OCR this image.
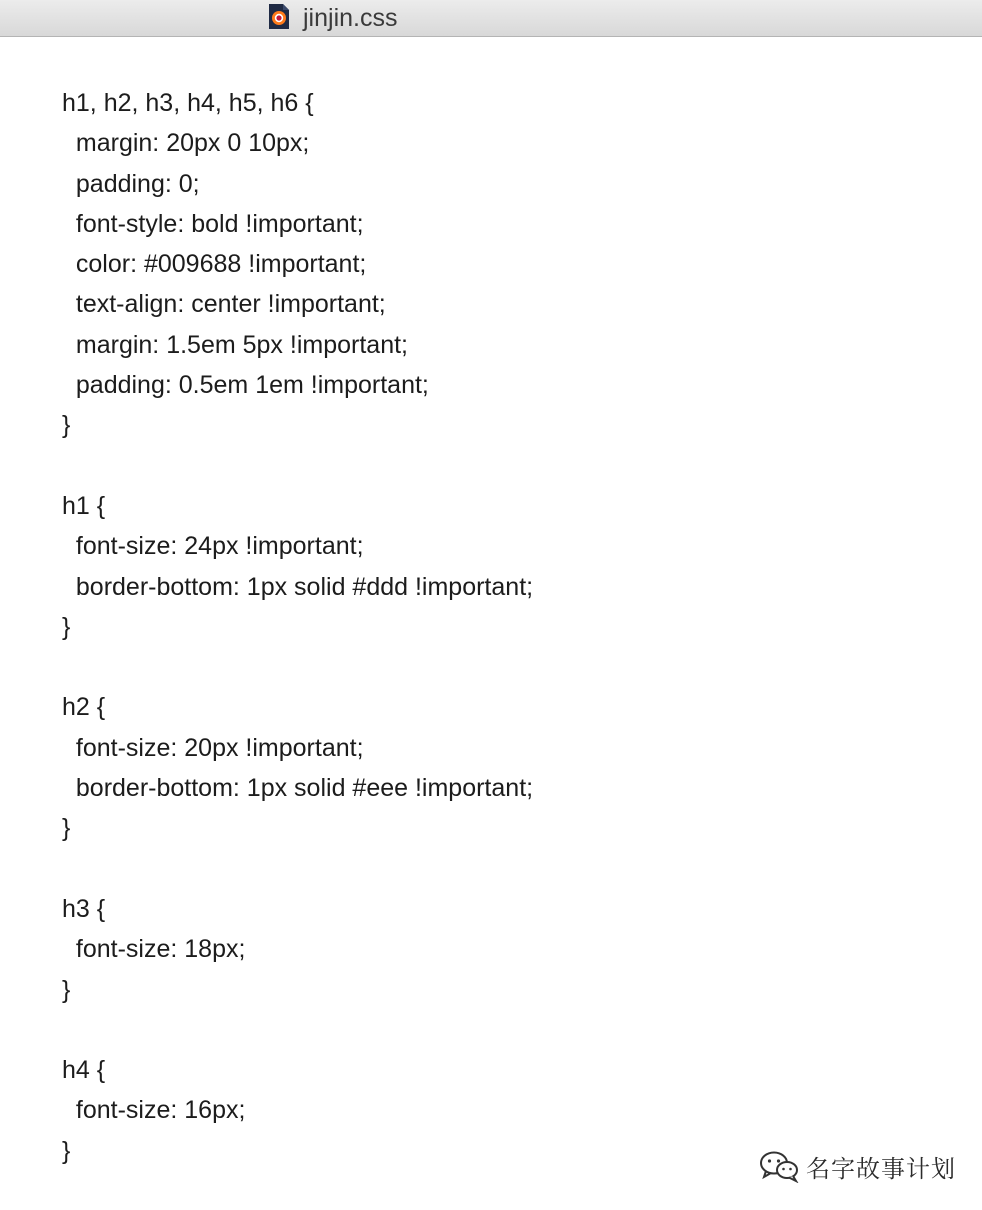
jinjin.css
h1, h2, h3, h4, h5, h6 {
margin: 20px 0 10px;
padding: 0;
font-style: bold !important;
color: #009688 !important;
text-align: center !important;
margin: 1.5em 5px !important;
padding: 0.5em 1em !important;
}
h1 {
font-size: 24px !important;
border-bottom: 1px solid #ddd !important;
}
h2 {
font-size: 20px !important;
border-bottom: 1px solid #eee !important;
}
h3 {
font-size: 18px;
}
h4 {
font-size: 16px;
}
名字故事计划
